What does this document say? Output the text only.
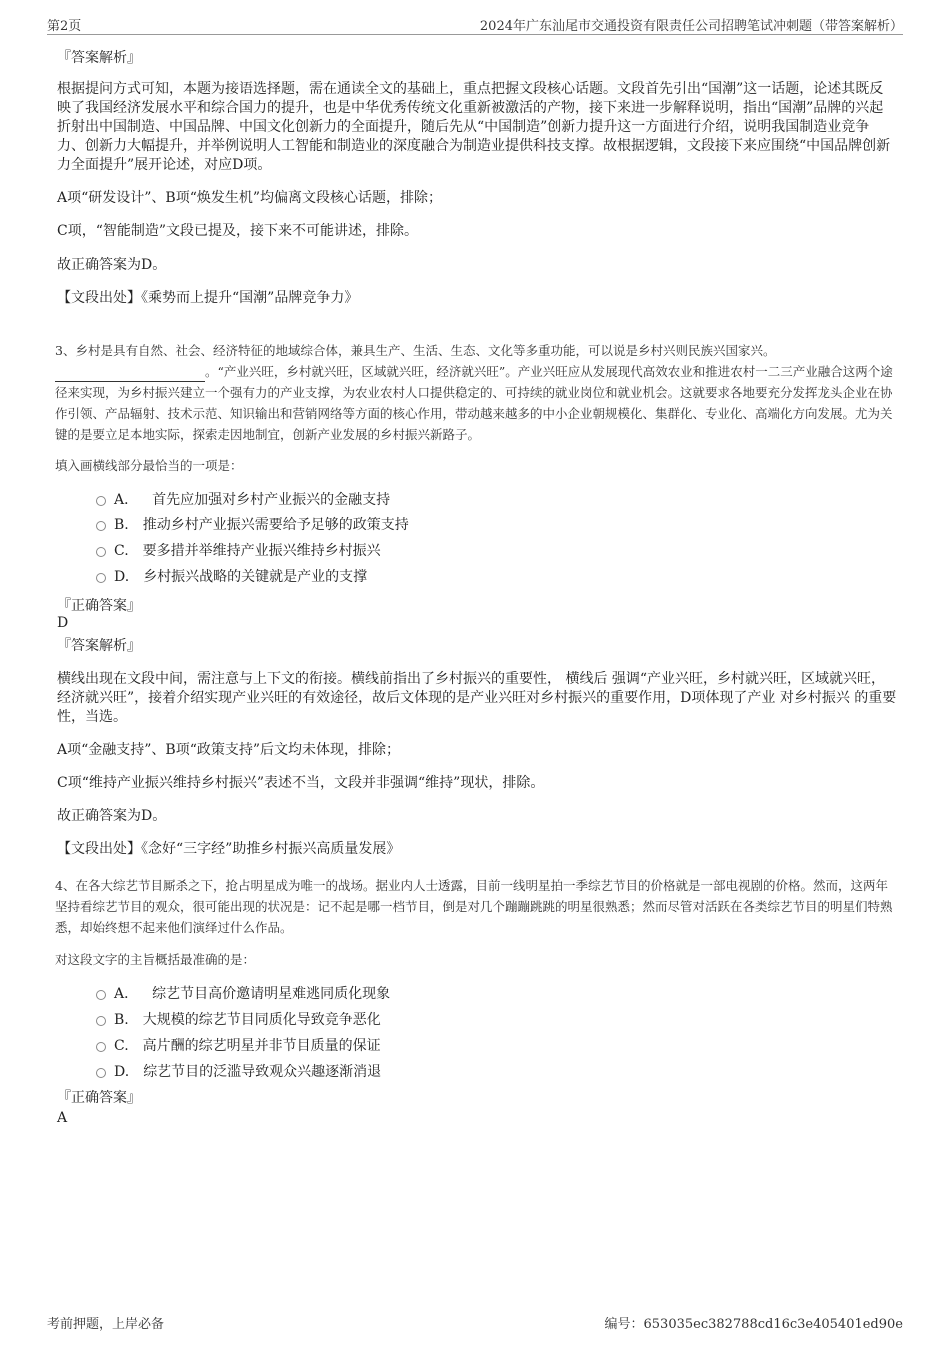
第2页	2024年广东汕尾市交通投资有限责任公司招聘笔试冲刺题（带答案解析）
『答案解析』
根据提问方式可知，本题为接语选择题，需在通读全文的基础上，重点把握文段核心话题。文段首先引出“国潮”这一话题，论述其既反映了我国经济发展水平和综合国力的提升，也是中华优秀传统文化重新被激活的产物，接下来进一步解释说明，指出“国潮”品牌的兴起折射出中国制造、中国品牌、中国文化创新力的全面提升，随后先从“中国制造”创新力提升这一方面进行介绍，说明我国制造业竞争力、创新力大幅提升，并举例说明人工智能和制造业的深度融合为制造业提供科技支撑。故根据逻辑，文段接下来应围绕“中国品牌创新力全面提升”展开论述，对应D项。
A项“研发设计”、B项“焕发生机”均偏离文段核心话题，排除；
C项，“智能制造”文段已提及，接下来不可能讲述，排除。
故正确答案为D。
【文段出处】《乘势而上提升“国潮”品牌竞争力》
3、乡村是具有自然、社会、经济特征的地域综合体，兼具生产、生活、生态、文化等多重功能，可以说是乡村兴则民族兴国家兴。
。“产业兴旺，乡村就兴旺，区域就兴旺，经济就兴旺”。产业兴旺应从发展现代高效农业和推进农村一二三产业融合这两个途径来实现，为乡村振兴建立一个强有力的产业支撑，为农业农村人口提供稳定的、可持续的就业岗位和就业机会。这就要求各地要充分发挥龙头企业在协作引领、产品辐射、技术示范、知识输出和营销网络等方面的核心作用，带动越来越多的中小企业朝规模化、集群化、专业化、高端化方向发展。尤为关键的是要立足本地实际，探索走因地制宜，创新产业发展的乡村振兴新路子。
填入画横线部分最恰当的一项是：
A． 首先应加强对乡村产业振兴的金融支持
B. 推动乡村产业振兴需要给予足够的政策支持
C. 要多措并举维持产业振兴维持乡村振兴
D. 乡村振兴战略的关键就是产业的支撑
『正确答案』
D
『答案解析』
横线出现在文段中间，需注意与上下文的衔接。横线前指出了乡村振兴的重要性， 横线后 强调“产业兴旺，乡村就兴旺，区域就兴旺，经济就兴旺”，接着介绍实现产业兴旺的有效途径，故后文体现的是产业兴旺对乡村振兴的重要作用，D项体现了产业 对乡村振兴 的重要性，当选。
A项“金融支持”、B项“政策支持”后文均未体现，排除；
C项“维持产业振兴维持乡村振兴”表述不当，文段并非强调“维持”现状，排除。
故正确答案为D。
【文段出处】《念好“三字经”助推乡村振兴高质量发展》
4、在各大综艺节目厮杀之下，抢占明星成为唯一的战场。据业内人士透露，目前一线明星拍一季综艺节目的价格就是一部电视剧的价格。然而，这两年坚持看综艺节目的观众，很可能出现的状况是：记不起是哪一档节目，倒是对几个蹦蹦跳跳的明星很熟悉；然而尽管对活跃在各类综艺节目的明星们特熟悉，却始终想不起来他们演绎过什么作品。
对这段文字的主旨概括最准确的是：
A． 综艺节目高价邀请明星难逃同质化现象
B. 大规模的综艺节目同质化导致竞争恶化
C. 高片酬的综艺明星并非节目质量的保证
D. 综艺节目的泛滥导致观众兴趣逐渐消退
『正确答案』
A
考前押题，上岸必备	编号：653035ec382788cd16c3e405401ed90e
